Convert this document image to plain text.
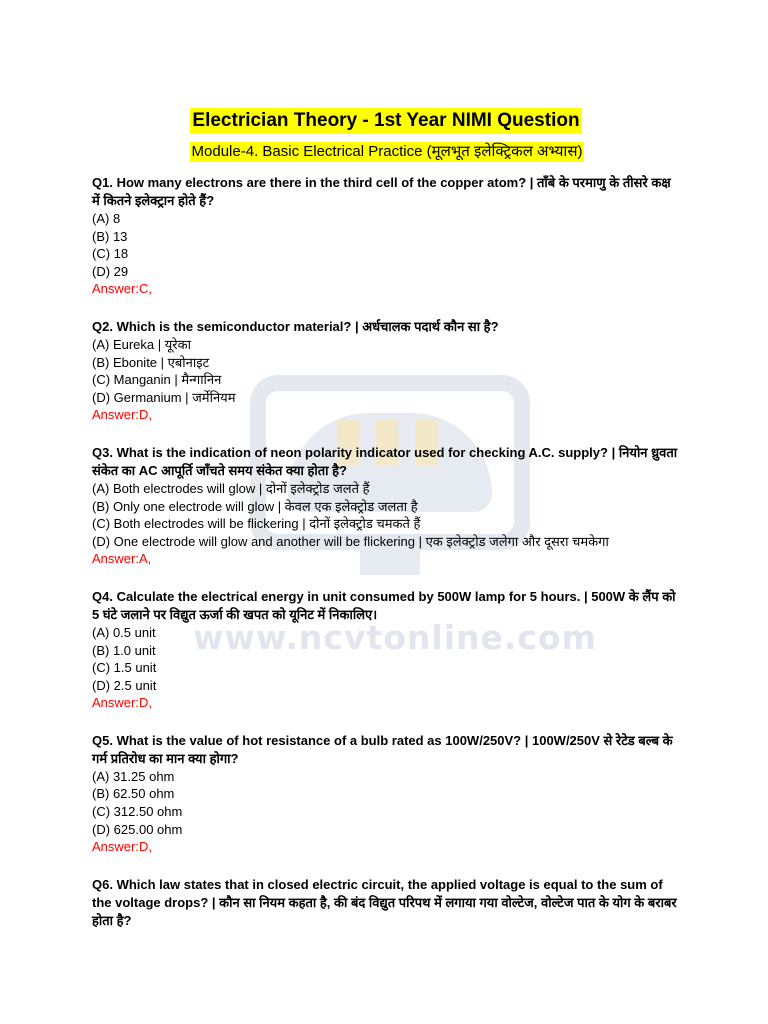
▮▮▮
www.ncvtonline.com
Electrician Theory - 1st Year NIMI Question
Module-4. Basic Electrical Practice (मूलभूत इलेक्ट्रिकल अभ्यास)
Q1. How many electrons are there in the third cell of the copper atom? | ताँबे के परमाणु के तीसरे कक्ष में कितने इलेक्ट्रान होते हैं?
(A) 8
(B) 13
(C) 18
(D) 29
Answer:C,
Q2. Which is the semiconductor material? | अर्धचालक पदार्थ कौन सा है?
(A) Eureka | यूरेका
(B) Ebonite | एबोनाइट
(C) Manganin | मैन्गानिन
(D) Germanium | जर्मेनियम
Answer:D,
Q3. What is the indication of neon polarity indicator used for checking A.C. supply? | नियोन ध्रुवता संकेत का AC आपूर्ति जाँचते समय संकेत क्या होता है?
(A) Both electrodes will glow | दोनों इलेक्ट्रोड जलते हैं
(B) Only one electrode will glow | केवल एक इलेक्ट्रोड जलता है
(C) Both electrodes will be flickering | दोनों इलेक्ट्रोड चमकते हैं
(D) One electrode will glow and another will be flickering | एक इलेक्ट्रोड जलेगा और दूसरा चमकेगा
Answer:A,
Q4. Calculate the electrical energy in unit consumed by 500W lamp for 5 hours. | 500W के लैंप को 5 घंटे जलाने पर विद्युत ऊर्जा की खपत को यूनिट में निकालिए।
(A) 0.5 unit
(B) 1.0 unit
(C) 1.5 unit
(D) 2.5 unit
Answer:D,
Q5. What is the value of hot resistance of a bulb rated as 100W/250V? | 100W/250V से रेटेड बल्ब के गर्म प्रतिरोध का मान क्या होगा?
(A) 31.25 ohm
(B) 62.50 ohm
(C) 312.50 ohm
(D) 625.00 ohm
Answer:D,
Q6. Which law states that in closed electric circuit, the applied voltage is equal to the sum of the voltage drops? | कौन सा नियम कहता है, की बंद विद्युत परिपथ में लगाया गया वोल्टेज, वोल्टेज पात के योग के बराबर होता है?
